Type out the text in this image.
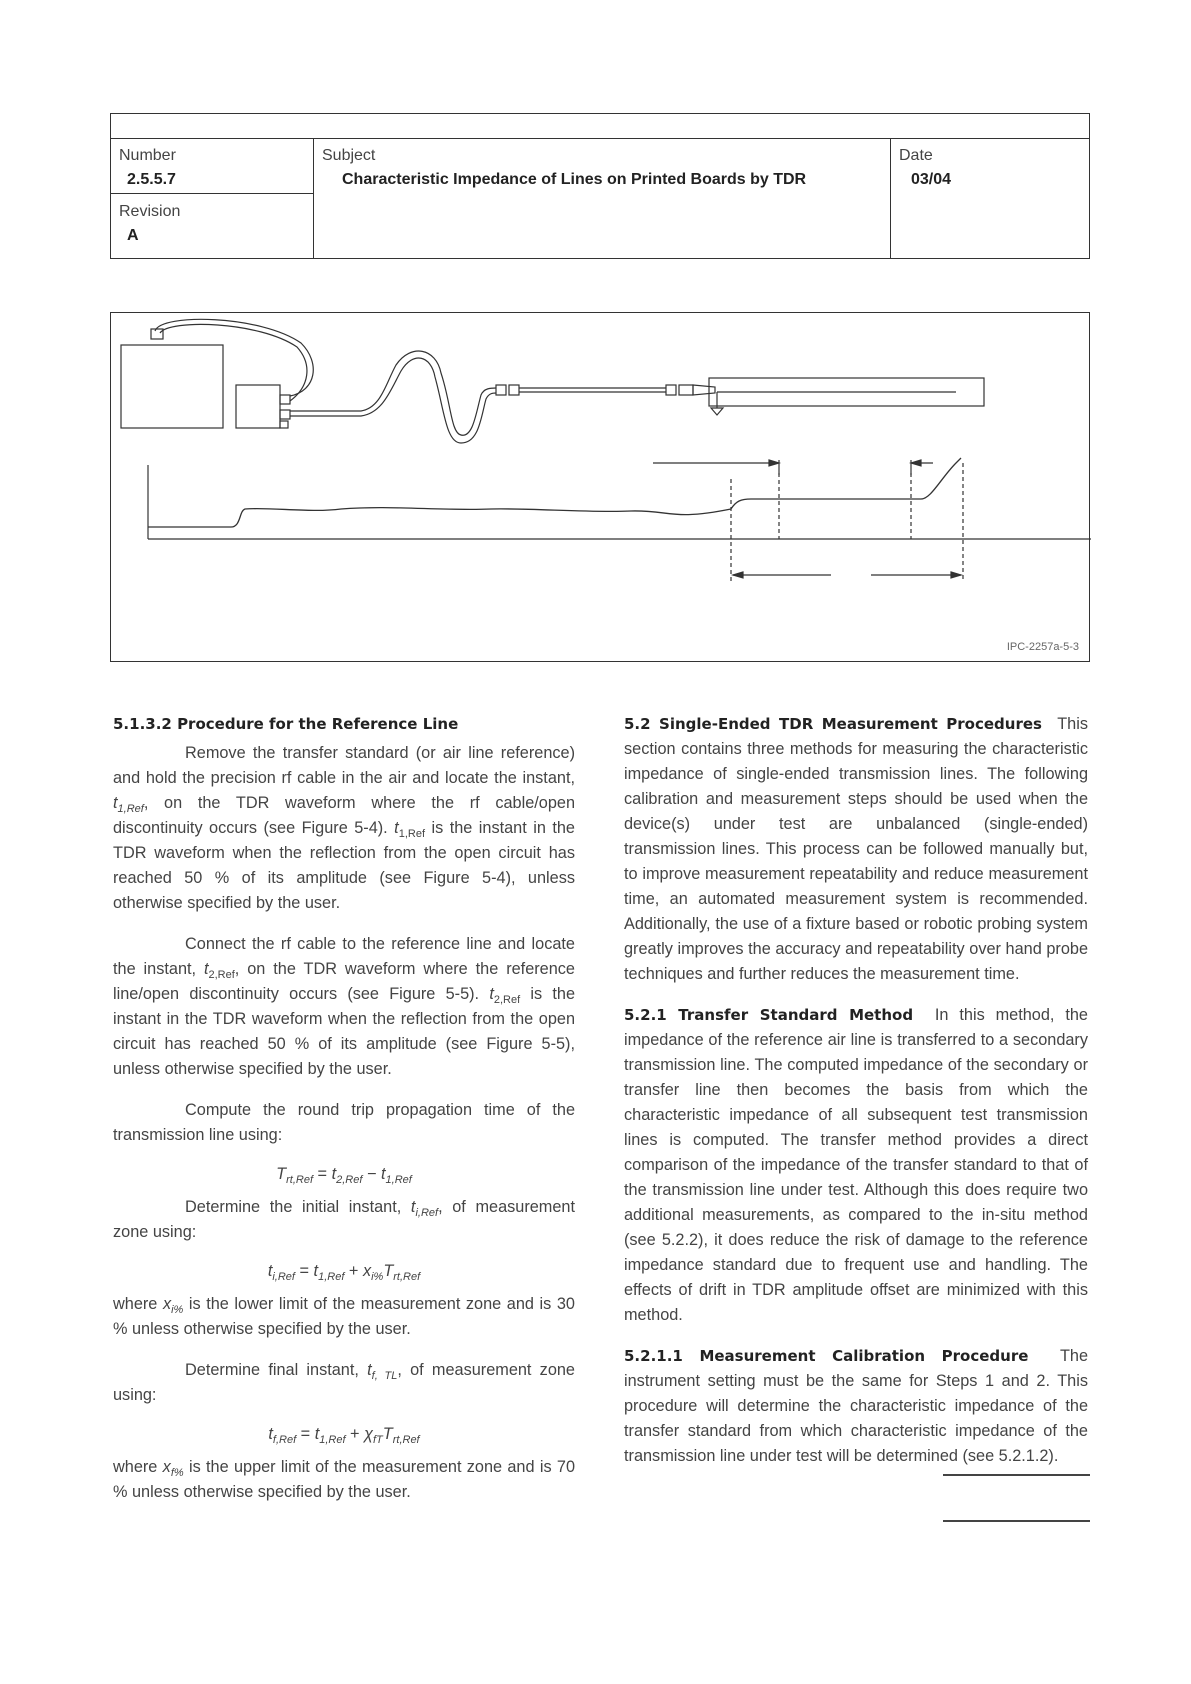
Number
2.5.5.7
Revision
A
Subject
Characteristic Impedance of Lines on Printed Boards by TDR
Date
03/04
IPC-2257a-5-3
5.1.3.2 Procedure for the Reference Line

Remove the transfer standard (or air line reference) and hold the precision rf cable in the air and locate the instant, $t_{1,Ref}$, on the TDR waveform where the rf cable/open discontinuity occurs (see Figure 5-4). $t_{1,Ref}$ is the instant in the TDR waveform when the reflection from the open circuit has reached 50 % of its amplitude (see Figure 5-4), unless otherwise specified by the user.

Connect the rf cable to the reference line and locate the instant, $t_{2,Ref}$, on the TDR waveform where the reference line/open discontinuity occurs (see Figure 5-5). $t_{2,Ref}$ is the instant in the TDR waveform when the reflection from the open circuit has reached 50 % of its amplitude (see Figure 5-5), unless otherwise specified by the user.

Compute the round trip propagation time of the transmission line using:

$T_{rt,Ref} = t_{2,Ref} - t_{1,Ref}$

Determine the initial instant, $t_{i,Ref}$, of measurement zone using:

$t_{i,Ref} = t_{1,Ref} + x_{i\%}T_{rt,Ref}$

where $x_{i\%}$ is the lower limit of the measurement zone and is 30 % unless otherwise specified by the user.

Determine final instant, $t_{f, TL}$, of measurement zone using:

$t_{f,Ref} = t_{1,Ref} + \chi_{fT}T_{rt,Ref}$

where $x_{f\%}$ is the upper limit of the measurement zone and is 70 % unless otherwise specified by the user.

5.2 Single-Ended TDR Measurement Procedures This section contains three methods for measuring the characteristic impedance of single-ended transmission lines. The following calibration and measurement steps should be used when the device(s) under test are unbalanced (single-ended) transmission lines. This process can be followed manually but, to improve measurement repeatability and reduce measurement time, an automated measurement system is recommended. Additionally, the use of a fixture based or robotic probing system greatly improves the accuracy and repeatability over hand probe techniques and further reduces the measurement time.

5.2.1 Transfer Standard Method In this method, the impedance of the reference air line is transferred to a secondary transmission line. The computed impedance of the secondary or transfer line then becomes the basis from which the characteristic impedance of all subsequent test transmission lines is computed. The transfer method provides a direct comparison of the impedance of the transfer standard to that of the transmission line under test. Although this does require two additional measurements, as compared to the in-situ method (see 5.2.2), it does reduce the risk of damage to the reference impedance standard due to frequent use and handling. The effects of drift in TDR amplitude offset are minimized with this method.

5.2.1.1 Measurement Calibration Procedure The instrument setting must be the same for Steps 1 and 2. This procedure will determine the characteristic impedance of the transfer standard from which characteristic impedance of the transmission line under test will be determined (see 5.2.1.2).
